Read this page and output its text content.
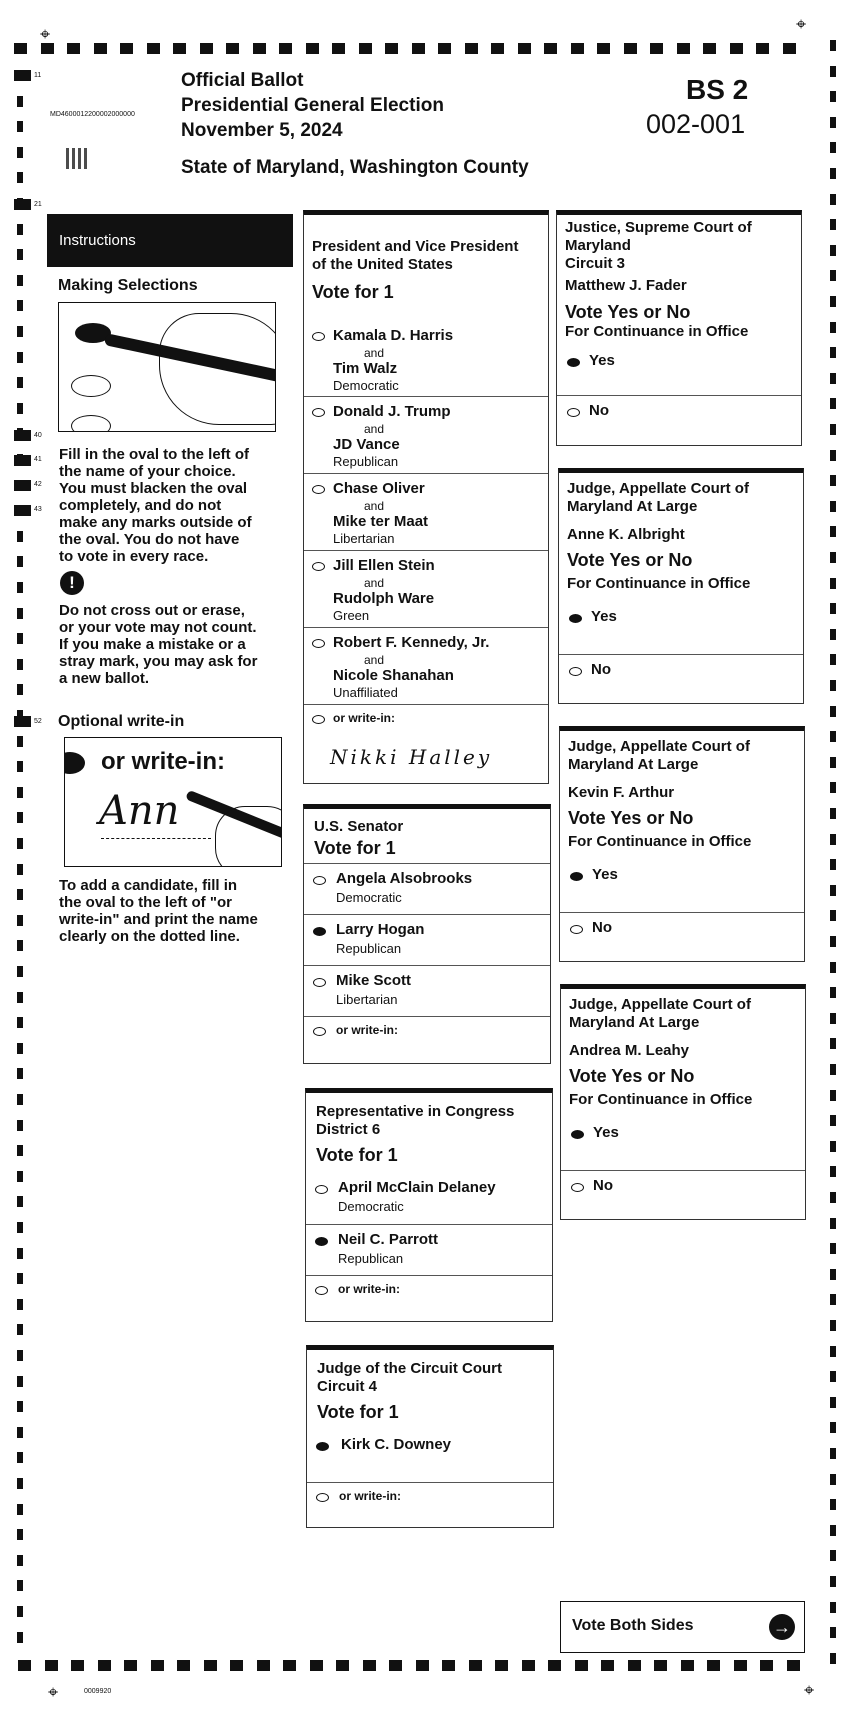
⌖	⌖
⌖	⌖
Official Ballot
Presidential General Election
November 5, 2024
State of Maryland, Washington County
BS 2
002-001
MD4600012200002000000
0009920
11
21
40
41
42
43
52
Instructions
Making Selections
Fill in the oval to the left of
the name of your choice.
You must blacken the oval
completely, and do not
make any marks outside of
the oval. You do not have
to vote in every race.
!
Do not cross out or erase,
or your vote may not count.
If you make a mistake or a
stray mark, you may ask for
a new ballot.
Optional write-in
or write-in:
Ann
To add a candidate, fill in
the oval to the left of "or
write-in" and print the name
clearly on the dotted line.
President and Vice President
of the United States
Vote for 1
Kamala D. Harris
and
Tim Walz
Democratic
Donald J. Trump
and
JD Vance
Republican
Chase Oliver
and
Mike ter Maat
Libertarian
Jill Ellen Stein
and
Rudolph Ware
Green
Robert F. Kennedy, Jr.
and
Nicole Shanahan
Unaffiliated
or write-in:
Nikki Halley
U.S. Senator
Vote for 1
Angela Alsobrooks
Democratic
Larry Hogan
Republican
Mike Scott
Libertarian
or write-in:
Representative in Congress
District 6
Vote for 1
April McClain Delaney
Democratic
Neil C. Parrott
Republican
or write-in:
Judge of the Circuit Court
Circuit 4
Vote for 1
Kirk C. Downey
or write-in:
Justice, Supreme Court of
Maryland
Circuit 3
Matthew J. Fader
Vote Yes or No
For Continuance in Office
Yes
No
Judge, Appellate Court of
Maryland At Large
Anne K. Albright
Vote Yes or No
For Continuance in Office
Yes
No
Judge, Appellate Court of
Maryland At Large
Kevin F. Arthur
Vote Yes or No
For Continuance in Office
Yes
No
Judge, Appellate Court of
Maryland At Large
Andrea M. Leahy
Vote Yes or No
For Continuance in Office
Yes
No
Vote Both Sides	→
